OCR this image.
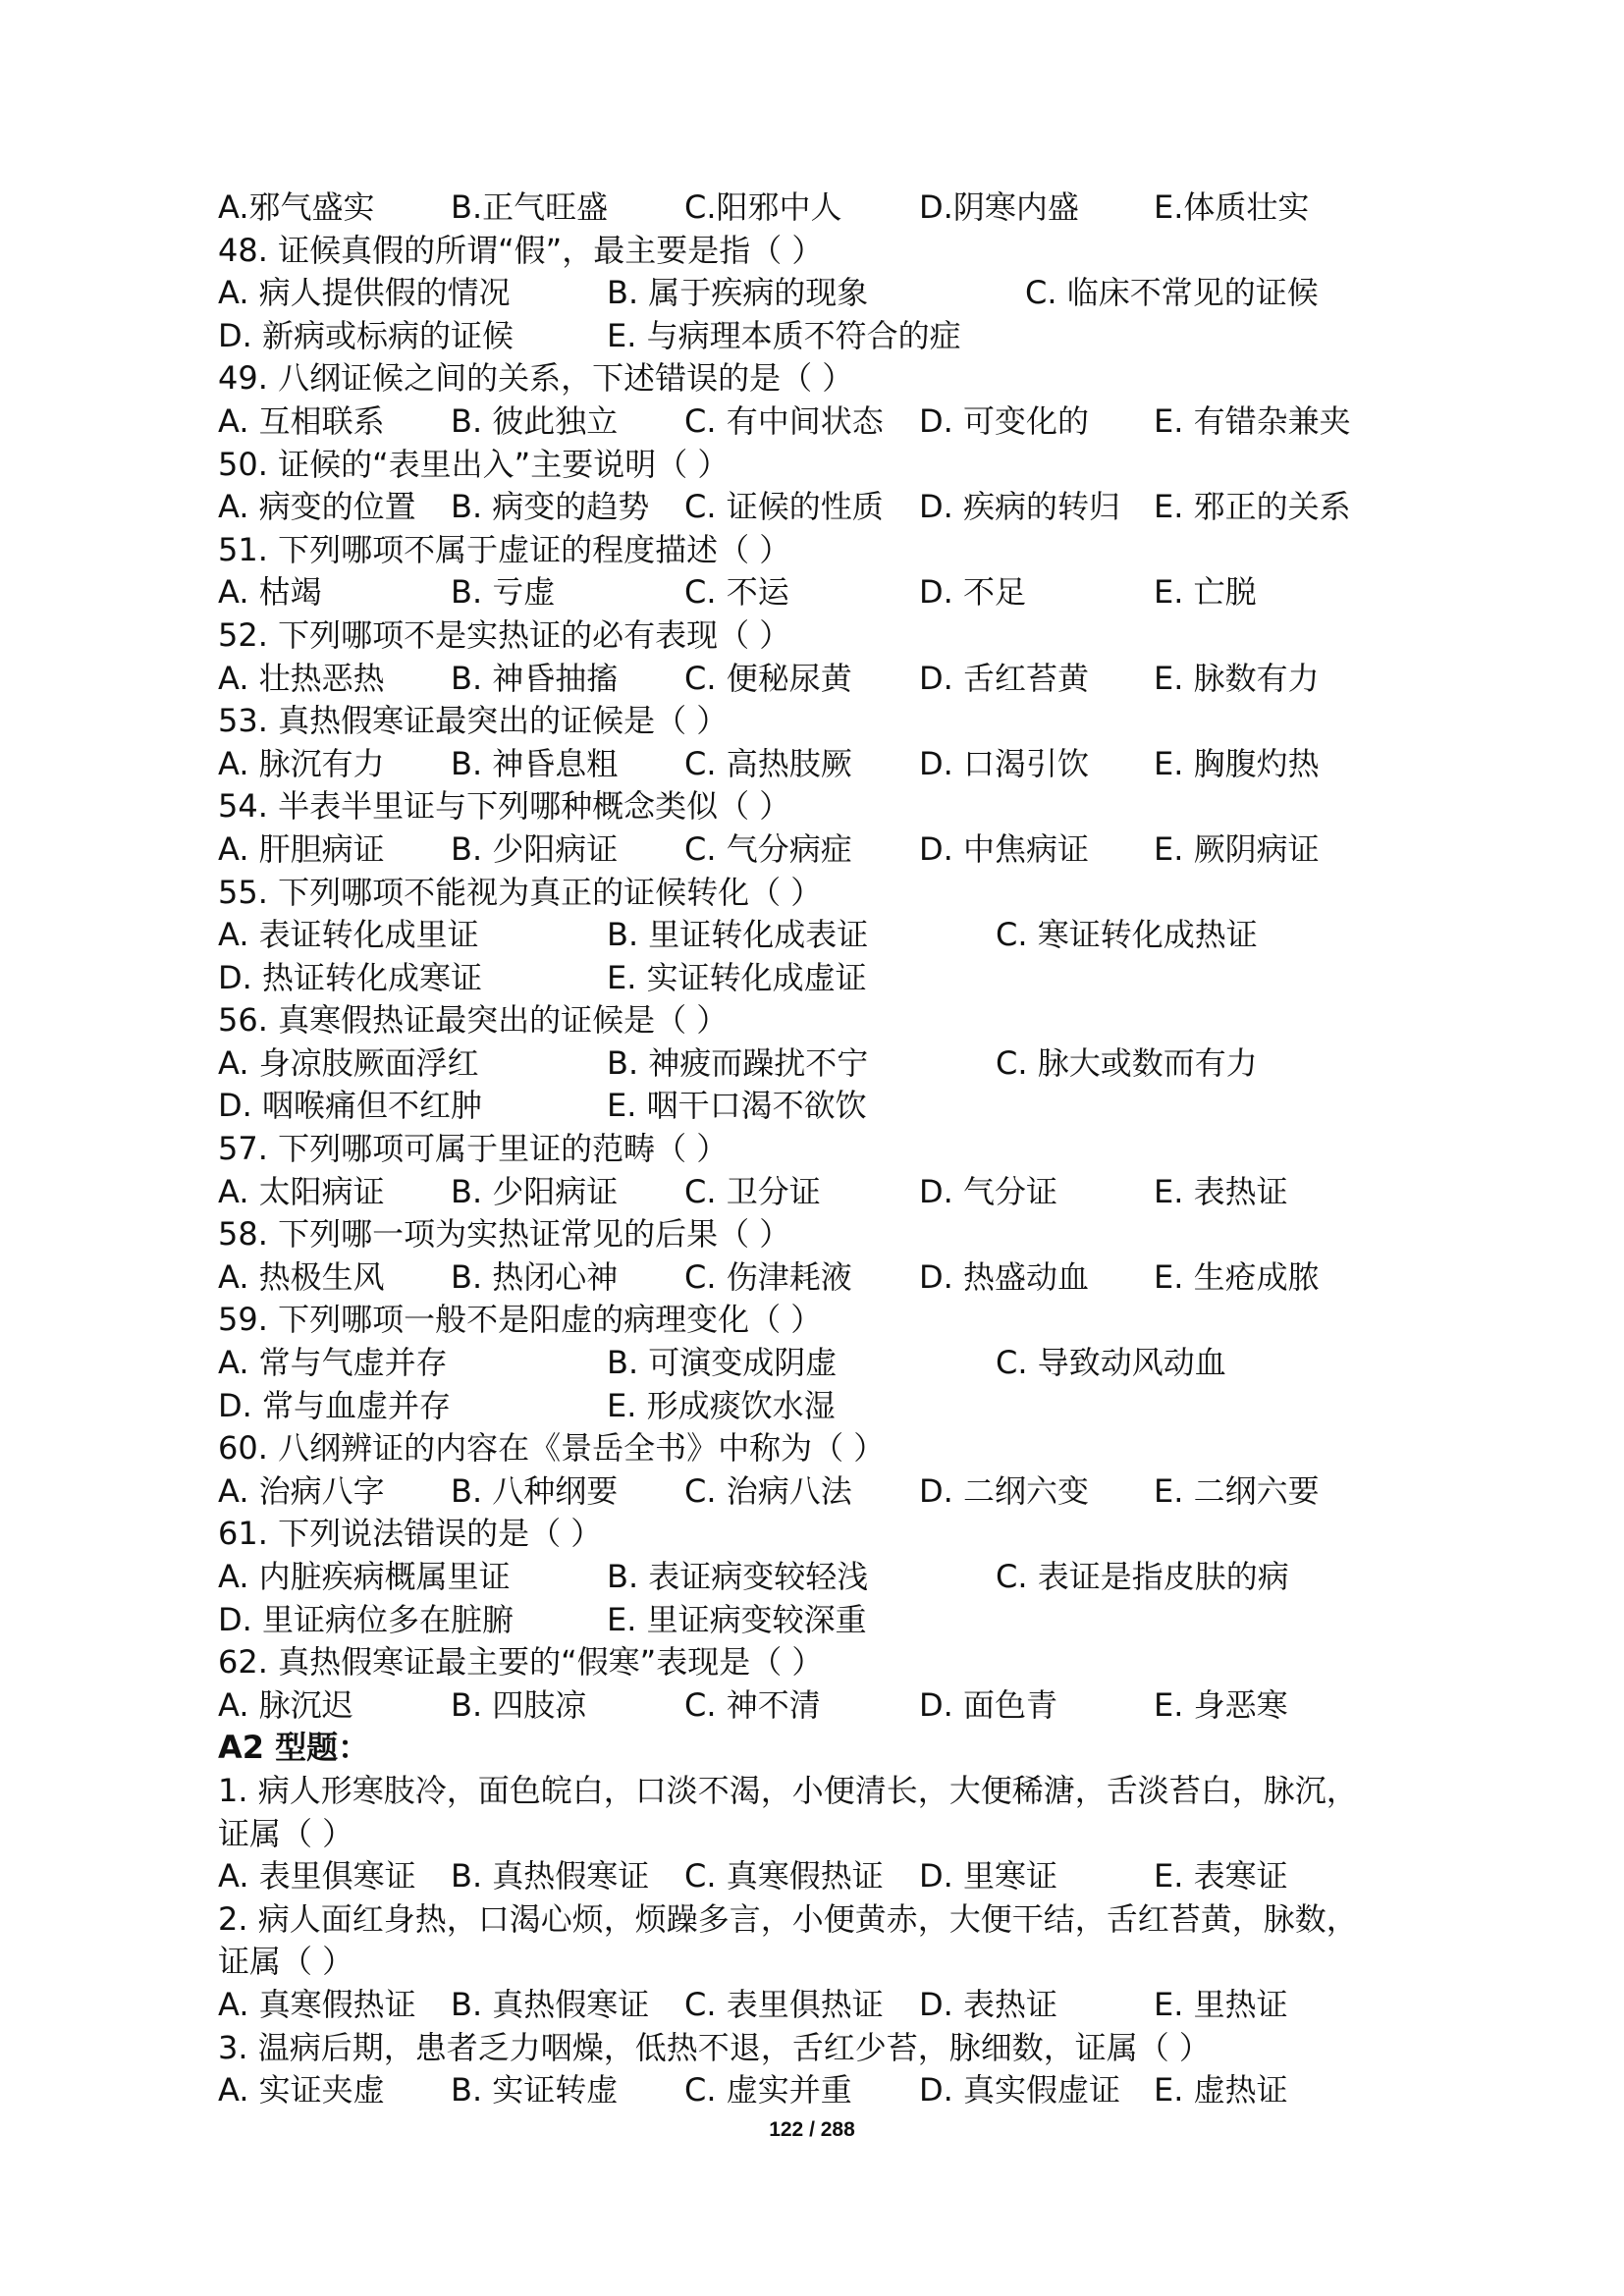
A.邪气盛实 B.正气旺盛 C.阳邪中人 D.阴寒内盛 E.体质壮实
48. 证候真假的所谓“假”，最主要是指（ ）
A. 病人提供假的情况	B. 属于疾病的现象	C. 临床不常见的证候
D. 新病或标病的证候	E. 与病理本质不符合的症
49. 八纲证候之间的关系，下述错误的是（ ）
A. 互相联系 B. 彼此独立 C. 有中间状态 D. 可变化的 E. 有错杂兼夹
50. 证候的“表里出入”主要说明（ ）
A. 病变的位置 B. 病变的趋势 C. 证候的性质 D. 疾病的转归 E. 邪正的关系
51. 下列哪项不属于虚证的程度描述（ ）
A. 枯竭	B. 亏虚	C. 不运	D. 不足	E. 亡脱
52. 下列哪项不是实热证的必有表现（ ）
A. 壮热恶热 B. 神昏抽搐 C. 便秘尿黄 D. 舌红苔黄 E. 脉数有力
53. 真热假寒证最突出的证候是（ ）
A. 脉沉有力 B. 神昏息粗 C. 高热肢厥 D. 口渴引饮 E. 胸腹灼热
54. 半表半里证与下列哪种概念类似（ ）
A. 肝胆病证 B. 少阳病证 C. 气分病症 D. 中焦病证 E. 厥阴病证
55. 下列哪项不能视为真正的证候转化（ ）
A. 表证转化成里证	B. 里证转化成表证	C. 寒证转化成热证
D. 热证转化成寒证	E. 实证转化成虚证
56. 真寒假热证最突出的证候是（ ）
A. 身凉肢厥面浮红	B. 神疲而躁扰不宁	C. 脉大或数而有力
D. 咽喉痛但不红肿	E. 咽干口渴不欲饮
57. 下列哪项可属于里证的范畴（ ）
A. 太阳病证 B. 少阳病证 C. 卫分证	D. 气分证	E. 表热证
58. 下列哪一项为实热证常见的后果（ ）
A. 热极生风 B. 热闭心神 C. 伤津耗液 D. 热盛动血 E. 生疮成脓
59. 下列哪项一般不是阳虚的病理变化（ ）
A. 常与气虚并存	B. 可演变成阴虚	C. 导致动风动血
D. 常与血虚并存	E. 形成痰饮水湿
60. 八纲辨证的内容在《景岳全书》中称为（ ）
A. 治病八字 B. 八种纲要 C. 治病八法 D. 二纲六变 E. 二纲六要
61. 下列说法错误的是（ ）
A. 内脏疾病概属里证	B. 表证病变较轻浅	C. 表证是指皮肤的病
D. 里证病位多在脏腑	E. 里证病变较深重
62. 真热假寒证最主要的“假寒”表现是（ ）
A. 脉沉迟	B. 四肢凉	C. 神不清	D. 面色青	E. 身恶寒
A2 型题：
1. 病人形寒肢冷，面色皖白，口淡不渴，小便清长，大便稀溏，舌淡苔白，脉沉，
证属（ ）
A. 表里俱寒证 B. 真热假寒证 C. 真寒假热证 D. 里寒证	E. 表寒证
2. 病人面红身热，口渴心烦，烦躁多言，小便黄赤，大便干结，舌红苔黄，脉数，
证属（ ）
A. 真寒假热证 B. 真热假寒证 C. 表里俱热证 D. 表热证	E. 里热证
3. 温病后期，患者乏力咽燥，低热不退，舌红少苔，脉细数，证属（ ）
A. 实证夹虚 B. 实证转虚 C. 虚实并重 D. 真实假虚证 E. 虚热证
122 / 288
